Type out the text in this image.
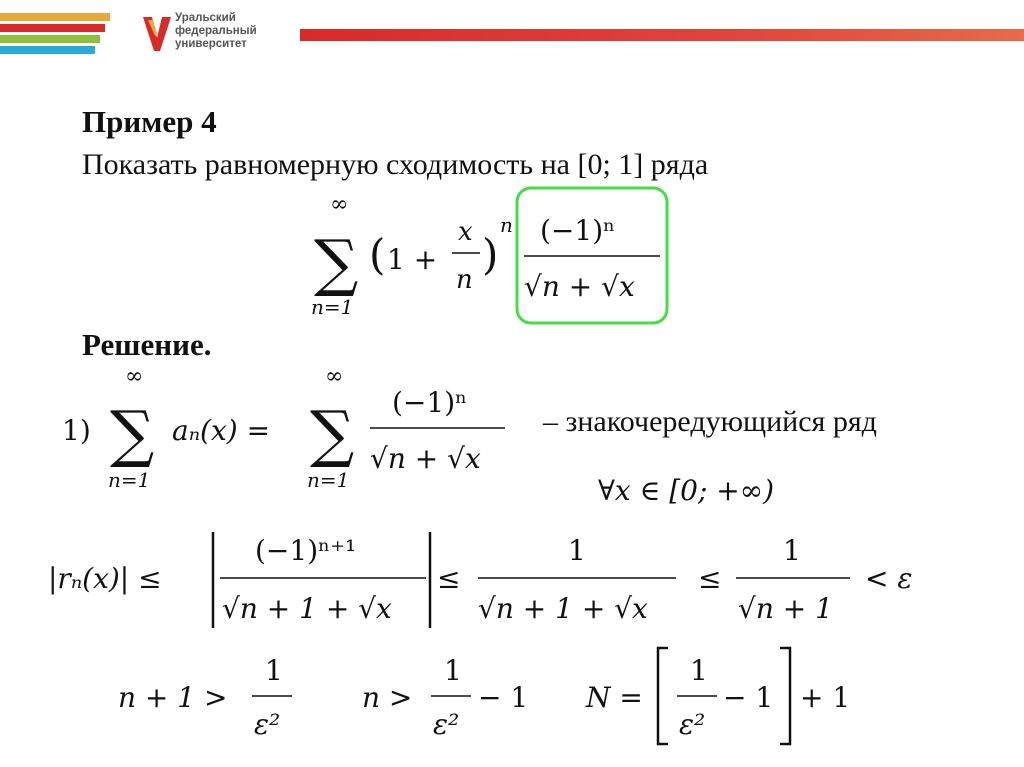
Уральский
федеральный
университет
Пример 4
Показать равномерную сходимость на [0; 1] ряда
Решение.
– знакочередующийся ряд
∞
∑
n=1
( 1 +
x
n
)
n (−1)ⁿ
√n + √x
1)
∞
∑
n=1
aₙ(x) =
∞
∑
n=1
(−1)ⁿ
√n + √x
∀x ∈ [0; +∞)
|rₙ(x)| ≤
(−1)ⁿ⁺¹
√n + 1 + √x
≤
1
√n + 1 + √x
≤
1
√n + 1
< ε
n + 1 >
1
ε²
n >
1
ε²
− 1 N =
1
ε²
− 1 + 1
